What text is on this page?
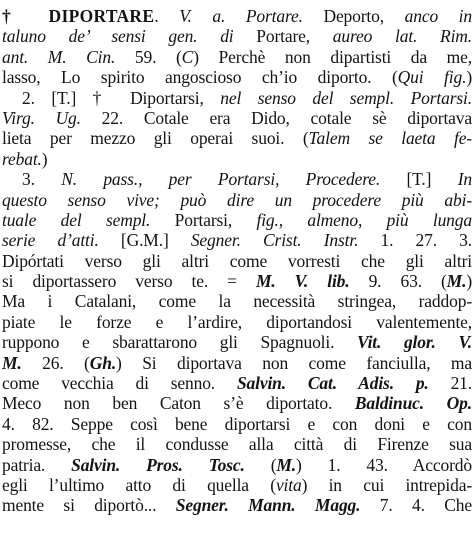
† DIPORTARE. V. a. Portare. Deporto, anco in
taluno de’ sensi gen. di Portare, aureo lat. Rim.
ant. M. Cin. 59. (C) Perchè non dipartisti da me,
lasso, Lo spirito angoscioso ch’io diporto. (Qui fig.)
2. [T.] † Diportarsi, nel senso del sempl. Portarsi.
Virg. Ug. 22. Cotale era Dido, cotale sè diportava
lieta per mezzo gli operai suoi. (Talem se laeta fe-
rebat.)
3. N. pass., per Portarsi, Procedere. [T.] In
questo senso vive; può dire un procedere più abi-
tuale del sempl. Portarsi, fig., almeno, più lunga
serie d’atti. [G.M.] Segner. Crist. Instr. 1. 27. 3.
Dipórtati verso gli altri come vorresti che gli altri
si diportassero verso te. = M. V. lib. 9. 63. (M.)
Ma i Catalani, come la necessità stringea, raddop-
piate le forze e l’ardire, diportandosi valentemente,
ruppono e sbarattarono gli Spagnuoli. Vit. glor. V.
M. 26. (Gh.) Si diportava non come fanciulla, ma
come vecchia di senno. Salvin. Cat. Adis. p. 21.
Meco non ben Caton s’è diportato. Baldinuc. Op.
4. 82. Seppe così bene diportarsi e con doni e con
promesse, che il condusse alla città di Firenze sua
patria. Salvin. Pros. Tosc. (M.) 1. 43. Accordò
egli l’ultimo atto di quella (vita) in cui intrepida-
mente si diportò... Segner. Mann. Magg. 7. 4. Che
